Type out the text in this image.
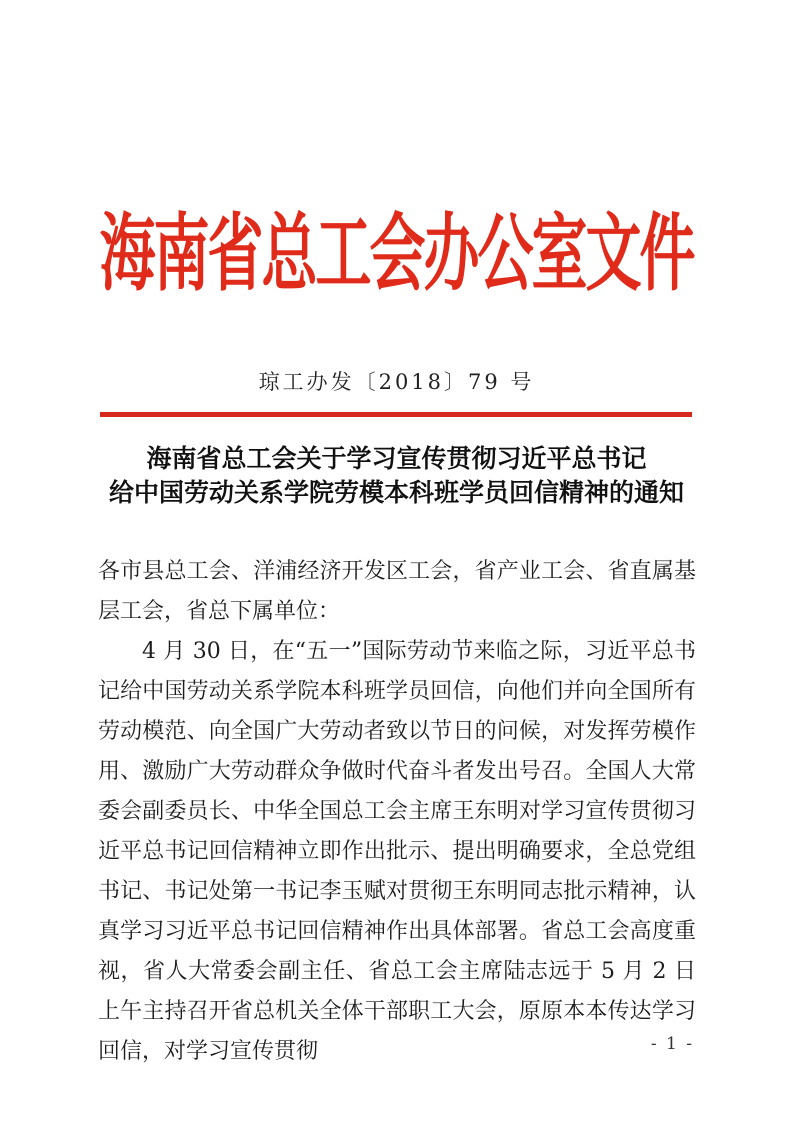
海南省总工会办公室文件
琼工办发〔2018〕79 号
海南省总工会关于学习宣传贯彻习近平总书记
给中国劳动关系学院劳模本科班学员回信精神的通知

各市县总工会、洋浦经济开发区工会，省产业工会、省直属基层工会，省总下属单位：

4 月 30 日，在“五一”国际劳动节来临之际，习近平总书记给中国劳动关系学院本科班学员回信，向他们并向全国所有劳动模范、向全国广大劳动者致以节日的问候，对发挥劳模作用、激励广大劳动群众争做时代奋斗者发出号召。全国人大常委会副委员长、中华全国总工会主席王东明对学习宣传贯彻习近平总书记回信精神立即作出批示、提出明确要求，全总党组书记、书记处第一书记李玉赋对贯彻王东明同志批示精神，认真学习习近平总书记回信精神作出具体部署。省总工会高度重视，省人大常委会副主任、省总工会主席陆志远于 5 月 2 日上午主持召开省总机关全体干部职工大会，原原本本传达学习回信，对学习宣传贯彻	- 1 -
